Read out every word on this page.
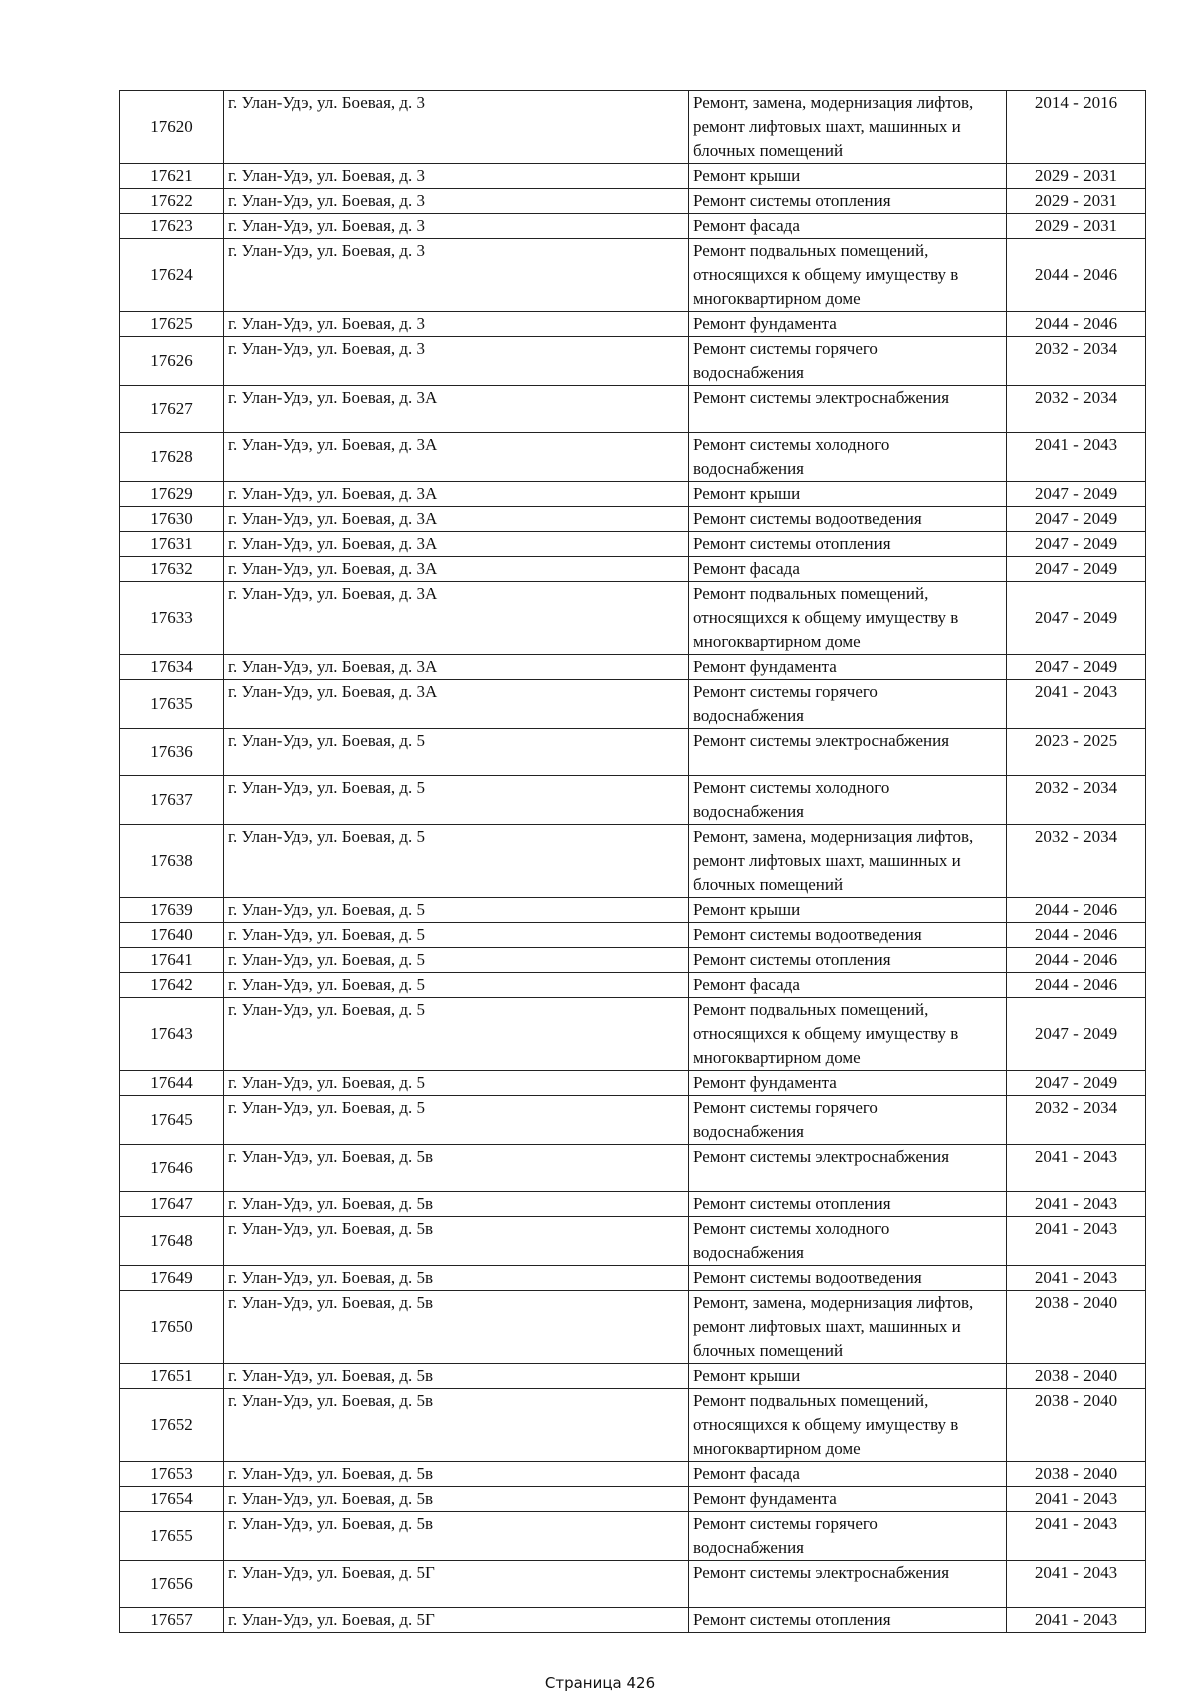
17620	г. Улан-Удэ, ул. Боевая, д. 3	Ремонт, замена, модернизация лифтов,
ремонт лифтовых шахт, машинных и
блочных помещений	2014 - 2016
17621	г. Улан-Удэ, ул. Боевая, д. 3	Ремонт крыши	2029 - 2031
17622	г. Улан-Удэ, ул. Боевая, д. 3	Ремонт системы отопления	2029 - 2031
17623	г. Улан-Удэ, ул. Боевая, д. 3	Ремонт фасада	2029 - 2031
17624	г. Улан-Удэ, ул. Боевая, д. 3	Ремонт подвальных помещений,
относящихся к общему имуществу в
многоквартирном доме	2044 - 2046
17625	г. Улан-Удэ, ул. Боевая, д. 3	Ремонт фундамента	2044 - 2046
17626	г. Улан-Удэ, ул. Боевая, д. 3	Ремонт системы горячего
водоснабжения	2032 - 2034
17627	г. Улан-Удэ, ул. Боевая, д. 3А	Ремонт системы электроснабжения	2032 - 2034
17628	г. Улан-Удэ, ул. Боевая, д. 3А	Ремонт системы холодного
водоснабжения	2041 - 2043
17629	г. Улан-Удэ, ул. Боевая, д. 3А	Ремонт крыши	2047 - 2049
17630	г. Улан-Удэ, ул. Боевая, д. 3А	Ремонт системы водоотведения	2047 - 2049
17631	г. Улан-Удэ, ул. Боевая, д. 3А	Ремонт системы отопления	2047 - 2049
17632	г. Улан-Удэ, ул. Боевая, д. 3А	Ремонт фасада	2047 - 2049
17633	г. Улан-Удэ, ул. Боевая, д. 3А	Ремонт подвальных помещений,
относящихся к общему имуществу в
многоквартирном доме	2047 - 2049
17634	г. Улан-Удэ, ул. Боевая, д. 3А	Ремонт фундамента	2047 - 2049
17635	г. Улан-Удэ, ул. Боевая, д. 3А	Ремонт системы горячего
водоснабжения	2041 - 2043
17636	г. Улан-Удэ, ул. Боевая, д. 5	Ремонт системы электроснабжения	2023 - 2025
17637	г. Улан-Удэ, ул. Боевая, д. 5	Ремонт системы холодного
водоснабжения	2032 - 2034
17638	г. Улан-Удэ, ул. Боевая, д. 5	Ремонт, замена, модернизация лифтов,
ремонт лифтовых шахт, машинных и
блочных помещений	2032 - 2034
17639	г. Улан-Удэ, ул. Боевая, д. 5	Ремонт крыши	2044 - 2046
17640	г. Улан-Удэ, ул. Боевая, д. 5	Ремонт системы водоотведения	2044 - 2046
17641	г. Улан-Удэ, ул. Боевая, д. 5	Ремонт системы отопления	2044 - 2046
17642	г. Улан-Удэ, ул. Боевая, д. 5	Ремонт фасада	2044 - 2046
17643	г. Улан-Удэ, ул. Боевая, д. 5	Ремонт подвальных помещений,
относящихся к общему имуществу в
многоквартирном доме	2047 - 2049
17644	г. Улан-Удэ, ул. Боевая, д. 5	Ремонт фундамента	2047 - 2049
17645	г. Улан-Удэ, ул. Боевая, д. 5	Ремонт системы горячего
водоснабжения	2032 - 2034
17646	г. Улан-Удэ, ул. Боевая, д. 5в	Ремонт системы электроснабжения	2041 - 2043
17647	г. Улан-Удэ, ул. Боевая, д. 5в	Ремонт системы отопления	2041 - 2043
17648	г. Улан-Удэ, ул. Боевая, д. 5в	Ремонт системы холодного
водоснабжения	2041 - 2043
17649	г. Улан-Удэ, ул. Боевая, д. 5в	Ремонт системы водоотведения	2041 - 2043
17650	г. Улан-Удэ, ул. Боевая, д. 5в	Ремонт, замена, модернизация лифтов,
ремонт лифтовых шахт, машинных и
блочных помещений	2038 - 2040
17651	г. Улан-Удэ, ул. Боевая, д. 5в	Ремонт крыши	2038 - 2040
17652	г. Улан-Удэ, ул. Боевая, д. 5в	Ремонт подвальных помещений,
относящихся к общему имуществу в
многоквартирном доме	2038 - 2040
17653	г. Улан-Удэ, ул. Боевая, д. 5в	Ремонт фасада	2038 - 2040
17654	г. Улан-Удэ, ул. Боевая, д. 5в	Ремонт фундамента	2041 - 2043
17655	г. Улан-Удэ, ул. Боевая, д. 5в	Ремонт системы горячего
водоснабжения	2041 - 2043
17656	г. Улан-Удэ, ул. Боевая, д. 5Г	Ремонт системы электроснабжения	2041 - 2043
17657	г. Улан-Удэ, ул. Боевая, д. 5Г	Ремонт системы отопления	2041 - 2043
Страница 426
